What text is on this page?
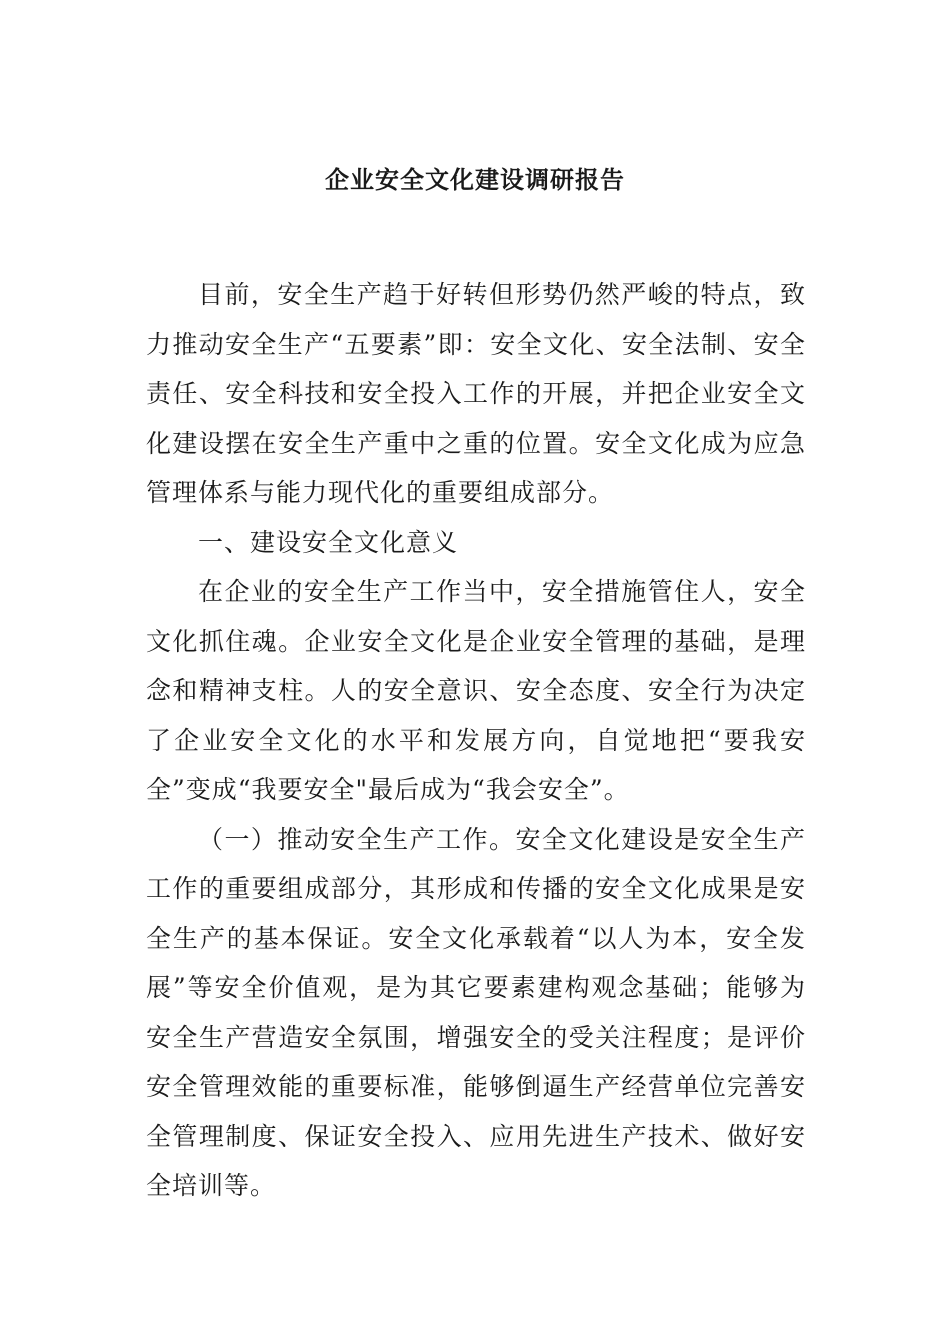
企业安全文化建设调研报告

目前，安全生产趋于好转但形势仍然严峻的特点，致力推动安全生产“五要素”即：安全文化、安全法制、安全责任、安全科技和安全投入工作的开展，并把企业安全文化建设摆在安全生产重中之重的位置。安全文化成为应急管理体系与能力现代化的重要组成部分。

一、建设安全文化意义

在企业的安全生产工作当中，安全措施管住人，安全文化抓住魂。企业安全文化是企业安全管理的基础，是理念和精神支柱。人的安全意识、安全态度、安全行为决定了企业安全文化的水平和发展方向，自觉地把“要我安全”变成“我要安全"最后成为“我会安全”。

（一）推动安全生产工作。安全文化建设是安全生产工作的重要组成部分，其形成和传播的安全文化成果是安全生产的基本保证。安全文化承载着“以人为本，安全发展”等安全价值观，是为其它要素建构观念基础；能够为安全生产营造安全氛围，增强安全的受关注程度；是评价安全管理效能的重要标准，能够倒逼生产经营单位完善安全管理制度、保证安全投入、应用先进生产技术、做好安全培训等。
